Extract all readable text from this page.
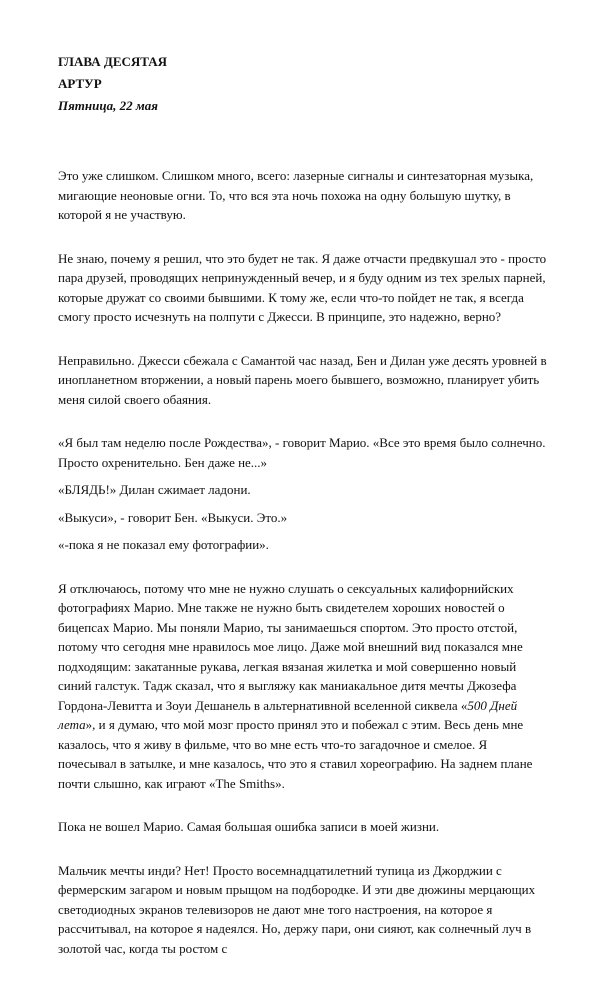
ГЛАВА ДЕСЯТАЯ
АРТУР
Пятница, 22 мая

Это уже слишком. Слишком много, всего: лазерные сигналы и синтезаторная музыка, мигающие неоновые огни. То, что вся эта ночь похожа на одну большую шутку, в которой я не участвую.

Не знаю, почему я решил, что это будет не так. Я даже отчасти предвкушал это - просто пара друзей, проводящих непринужденный вечер, и я буду одним из тех зрелых парней, которые дружат со своими бывшими. К тому же, если что-то пойдет не так, я всегда смогу просто исчезнуть на полпути с Джесси. В принципе, это надежно, верно?

Неправильно. Джесси сбежала с Самантой час назад, Бен и Дилан уже десять уровней в инопланетном вторжении, а новый парень моего бывшего, возможно, планирует убить меня силой своего обаяния.

«Я был там неделю после Рождества», - говорит Марио. «Все это время было солнечно. Просто охренительно. Бен даже не...»

«БЛЯДЬ!» Дилан сжимает ладони.

«Выкуси», - говорит Бен. «Выкуси. Это.»

«-пока я не показал ему фотографии».

Я отключаюсь, потому что мне не нужно слушать о сексуальных калифорнийских фотографиях Марио. Мне также не нужно быть свидетелем хороших новостей о бицепсах Марио. Мы поняли Марио, ты занимаешься спортом. Это просто отстой, потому что сегодня мне нравилось мое лицо. Даже мой внешний вид показался мне подходящим: закатанные рукава, легкая вязаная жилетка и мой совершенно новый синий галстук. Тадж сказал, что я выгляжу как маниакальное дитя мечты Джозефа Гордона-Левитта и Зоуи Дешанель в альтернативной вселенной сиквела «500 Дней лета», и я думаю, что мой мозг просто принял это и побежал с этим. Весь день мне казалось, что я живу в фильме, что во мне есть что-то загадочное и смелое. Я почесывал в затылке, и мне казалось, что это я ставил хореографию. На заднем плане почти слышно, как играют «The Smiths».

Пока не вошел Марио. Самая большая ошибка записи в моей жизни.

Мальчик мечты инди? Нет! Просто восемнадцатилетний тупица из Джорджии с фермерским загаром и новым прыщом на подбородке. И эти две дюжины мерцающих светодиодных экранов телевизоров не дают мне того настроения, на которое я рассчитывал, на которое я надеялся. Но, держу пари, они сияют, как солнечный луч в золотой час, когда ты ростом с
